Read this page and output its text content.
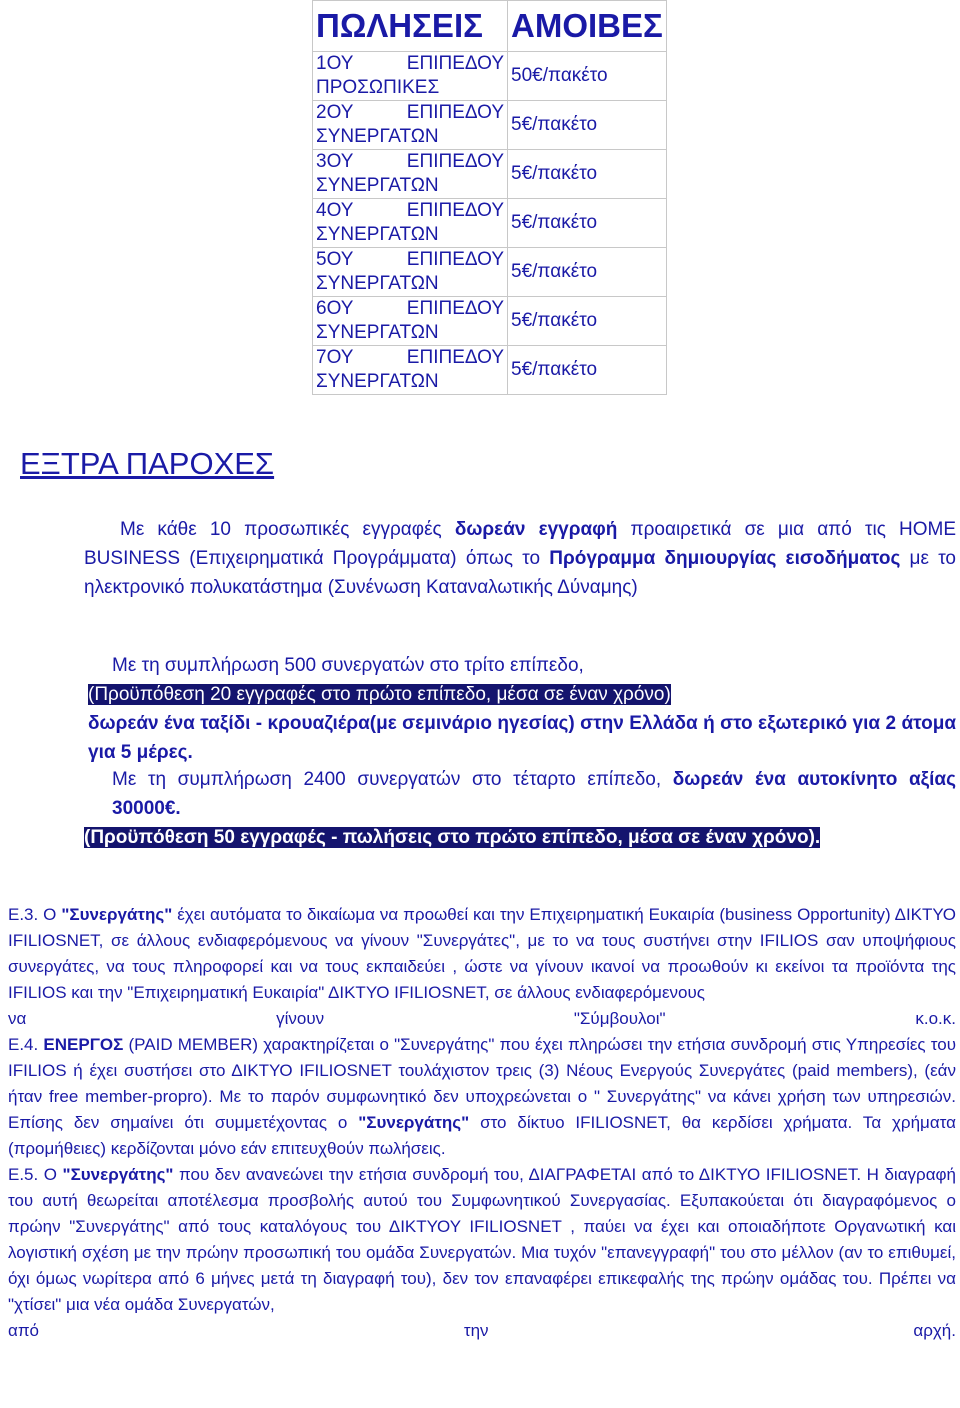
ΠΩΛΗΣΕΙΣ	ΑΜΟΙΒΕΣ

1ΟΥ ΕΠΙΠΕΔΟΥ
ΠΡΟΣΩΠΙΚΕΣ	50€/πακέτο

2ΟΥ ΕΠΙΠΕΔΟΥ
ΣΥΝΕΡΓΑΤΩΝ	5€/πακέτο

3ΟΥ ΕΠΙΠΕΔΟΥ
ΣΥΝΕΡΓΑΤΩΝ	5€/πακέτο

4ΟΥ ΕΠΙΠΕΔΟΥ
ΣΥΝΕΡΓΑΤΩΝ	5€/πακέτο

5ΟΥ ΕΠΙΠΕΔΟΥ
ΣΥΝΕΡΓΑΤΩΝ	5€/πακέτο

6ΟΥ ΕΠΙΠΕΔΟΥ
ΣΥΝΕΡΓΑΤΩΝ	5€/πακέτο

7ΟΥ ΕΠΙΠΕΔΟΥ
ΣΥΝΕΡΓΑΤΩΝ	5€/πακέτο
ΕΞΤΡΑ ΠΑΡΟΧΕΣ
Με κάθε 10 προσωπικές εγγραφές δωρεάν εγγραφή προαιρετικά σε μια από τις HOME BUSINESS (Επιχειρηματικά Προγράμματα) όπως το Πρόγραμμα δημιουργίας εισοδήματος με το ηλεκτρονικό πολυκατάστημα (Συνένωση Καταναλωτικής Δύναμης)
Με τη συμπλήρωση 500 συνεργατών στο τρίτο επίπεδο,
(Προϋπόθεση 20 εγγραφές στο πρώτο επίπεδο, μέσα σε έναν χρόνο)
δωρεάν ένα ταξίδι - κρουαζιέρα(με σεμινάριο ηγεσίας) στην Ελλάδα ή στο εξωτερικό για 2 άτομα για 5 μέρες.
Με τη συμπλήρωση 2400 συνεργατών στο τέταρτο επίπεδο, δωρεάν ένα αυτοκίνητο αξίας 30000€.
(Προϋπόθεση 50 εγγραφές - πωλήσεις στο πρώτο επίπεδο, μέσα σε έναν χρόνο).
Ε.3. Ο "Συνεργάτης" έχει αυτόματα το δικαίωμα να προωθεί και την Επιχειρηματική Ευκαιρία (business Opportunity) ΔΙΚΤΥΟ IFILIOSNET, σε άλλους ενδιαφερόμενους να γίνουν "Συνεργάτες", με το να τους συστήνει στην IFILIOS σαν υποψήφιους συνεργάτες, να τους πληροφορεί και να τους εκπαιδεύει , ώστε να γίνουν ικανοί να προωθούν κι εκείνοι τα προϊόντα της IFILIOS και την "Επιχειρηματική Ευκαιρία" ΔΙΚΤΥΟ IFILIOSNET, σε άλλους ενδιαφερόμενους
να	γίνουν	"Σύμβουλοι"	κ.ο.κ.
Ε.4. ΕΝΕΡΓΟΣ (PAID MEMBER) χαρακτηρίζεται ο "Συνεργάτης" που έχει πληρώσει την ετήσια συνδρομή στις Υπηρεσίες του IFILIOS ή έχει συστήσει στο ΔΙΚΤΥΟ IFILIOSNET τουλάχιστον τρεις (3) Νέους Ενεργούς Συνεργάτες (paid members), (εάν ήταν free member-propro). Με το παρόν συμφωνητικό δεν υποχρεώνεται ο " Συνεργάτης" να κάνει χρήση των υπηρεσιών. Επίσης δεν σημαίνει ότι συμμετέχοντας ο "Συνεργάτης" στο δίκτυο IFILIOSNET, θα κερδίσει χρήματα. Τα χρήματα (προμήθειες) κερδίζονται μόνο εάν επιτευχθούν πωλήσεις.
Ε.5. Ο "Συνεργάτης" που δεν ανανεώνει την ετήσια συνδρομή του, ΔΙΑΓΡΑΦΕΤΑΙ από το ΔΙΚΤΥΟ IFILIOSNET. Η διαγραφή του αυτή θεωρείται αποτέλεσμα προσβολής αυτού του Συμφωνητικού Συνεργασίας. Εξυπακούεται ότι διαγραφόμενος ο πρώην "Συνεργάτης" από τους καταλόγους του ΔΙΚΤΥΟΥ IFILIOSNET , παύει να έχει και οποιαδήποτε Οργανωτική και λογιστική σχέση με την πρώην προσωπική του ομάδα Συνεργατών. Μια τυχόν "επανεγγραφή" του στο μέλλον (αν το επιθυμεί, όχι όμως νωρίτερα από 6 μήνες μετά τη διαγραφή του), δεν τον επαναφέρει επικεφαλής της πρώην ομάδας του. Πρέπει να "χτίσει" μια νέα ομάδα Συνεργατών,
από	την	αρχή.
